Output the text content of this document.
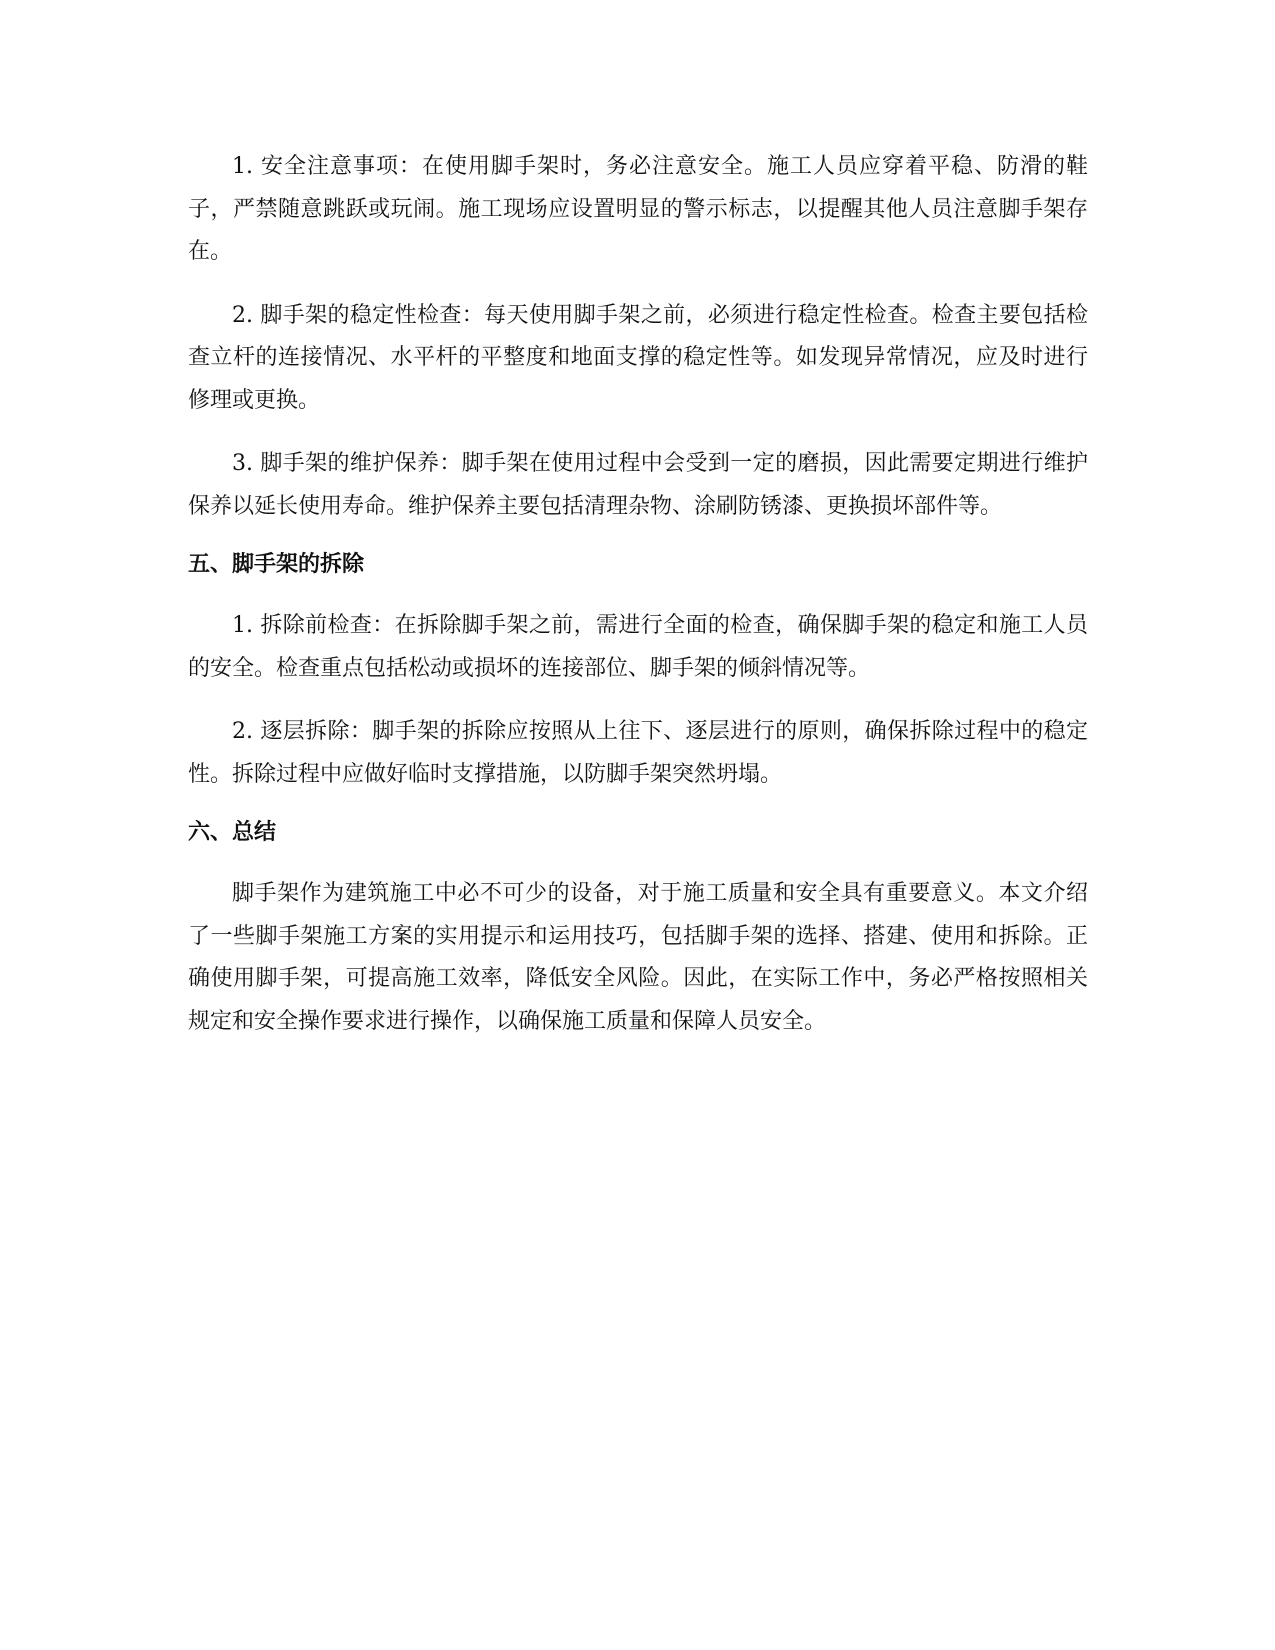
1. 安全注意事项：在使用脚手架时，务必注意安全。施工人员应穿着平稳、防滑的鞋子，严禁随意跳跃或玩闹。施工现场应设置明显的警示标志，以提醒其他人员注意脚手架存在。

2. 脚手架的稳定性检查：每天使用脚手架之前，必须进行稳定性检查。检查主要包括检查立杆的连接情况、水平杆的平整度和地面支撑的稳定性等。如发现异常情况，应及时进行修理或更换。

3. 脚手架的维护保养：脚手架在使用过程中会受到一定的磨损，因此需要定期进行维护保养以延长使用寿命。维护保养主要包括清理杂物、涂刷防锈漆、更换损坏部件等。

五、脚手架的拆除

1. 拆除前检查：在拆除脚手架之前，需进行全面的检查，确保脚手架的稳定和施工人员的安全。检查重点包括松动或损坏的连接部位、脚手架的倾斜情况等。

2. 逐层拆除：脚手架的拆除应按照从上往下、逐层进行的原则，确保拆除过程中的稳定性。拆除过程中应做好临时支撑措施，以防脚手架突然坍塌。

六、总结

脚手架作为建筑施工中必不可少的设备，对于施工质量和安全具有重要意义。本文介绍了一些脚手架施工方案的实用提示和运用技巧，包括脚手架的选择、搭建、使用和拆除。正确使用脚手架，可提高施工效率，降低安全风险。因此，在实际工作中，务必严格按照相关规定和安全操作要求进行操作，以确保施工质量和保障人员安全。
